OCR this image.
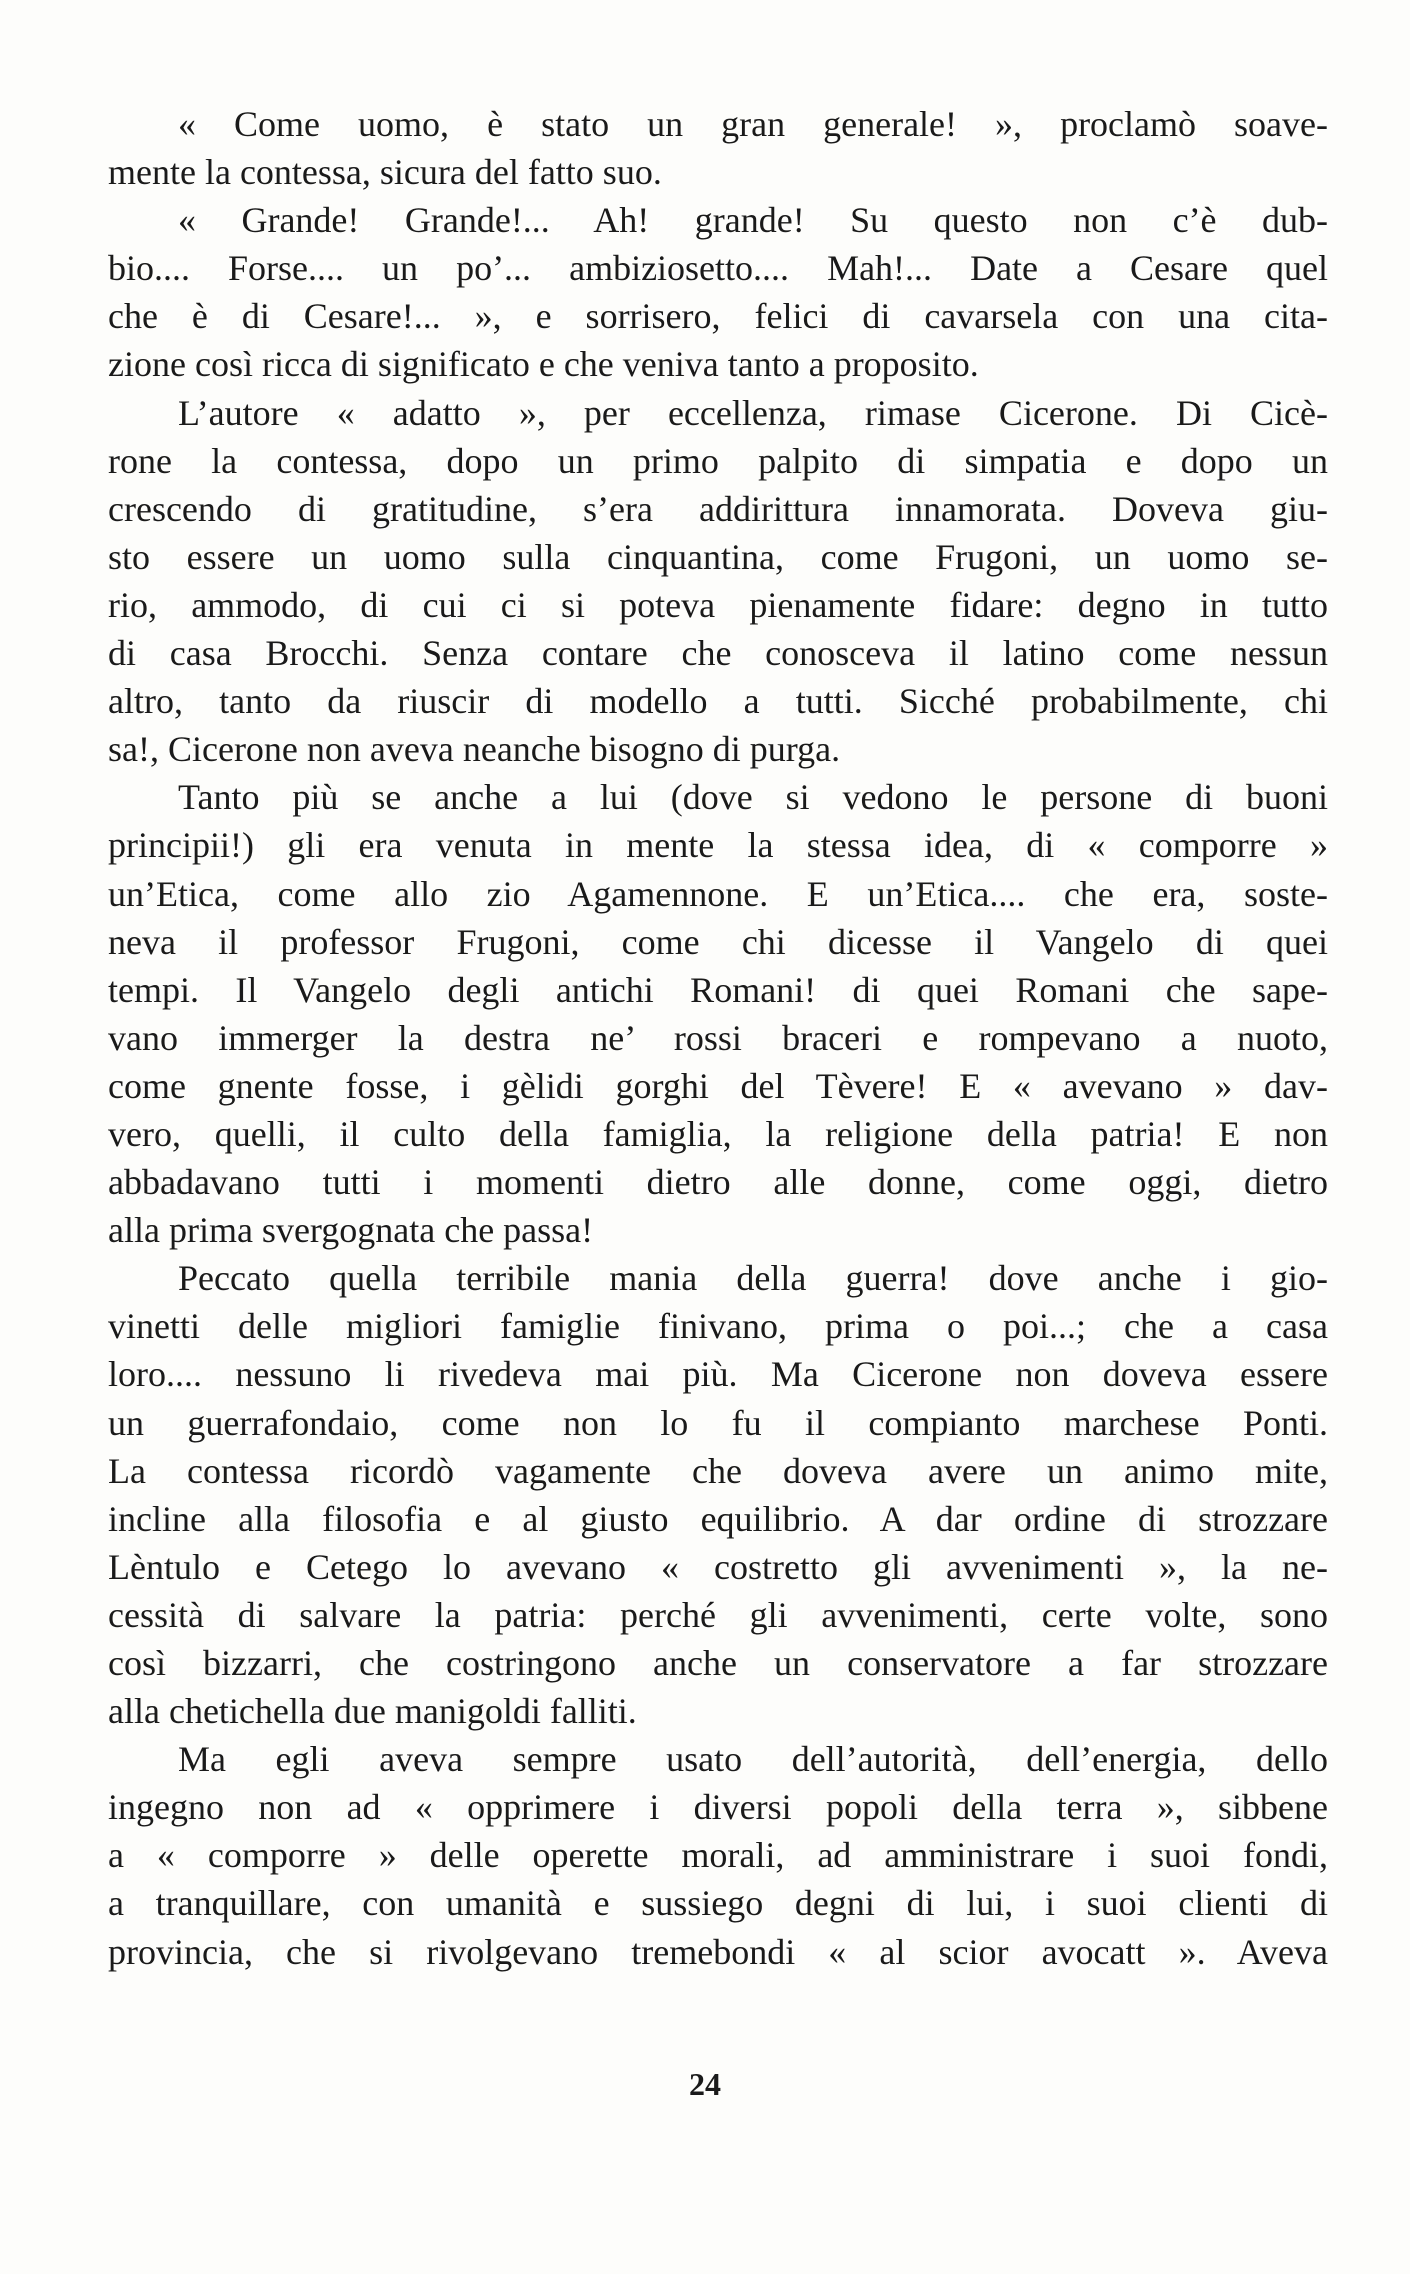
« Come uomo, è stato un gran generale! », proclamò soave-
mente la contessa, sicura del fatto suo.
« Grande! Grande!... Ah! grande! Su questo non c’è dub-
bio.... Forse.... un po’... ambiziosetto.... Mah!... Date a Cesare quel
che è di Cesare!... », e sorrisero, felici di cavarsela con una cita-
zione così ricca di significato e che veniva tanto a proposito.
L’autore « adatto », per eccellenza, rimase Cicerone. Di Cicè-
rone la contessa, dopo un primo palpito di simpatia e dopo un
crescendo di gratitudine, s’era addirittura innamorata. Doveva giu-
sto essere un uomo sulla cinquantina, come Frugoni, un uomo se-
rio, ammodo, di cui ci si poteva pienamente fidare: degno in tutto
di casa Brocchi. Senza contare che conosceva il latino come nessun
altro, tanto da riuscir di modello a tutti. Sicché probabilmente, chi
sa!, Cicerone non aveva neanche bisogno di purga.
Tanto più se anche a lui (dove si vedono le persone di buoni
principii!) gli era venuta in mente la stessa idea, di « comporre »
un’Etica, come allo zio Agamennone. E un’Etica.... che era, soste-
neva il professor Frugoni, come chi dicesse il Vangelo di quei
tempi. Il Vangelo degli antichi Romani! di quei Romani che sape-
vano immerger la destra ne’ rossi braceri e rompevano a nuoto,
come gnente fosse, i gèlidi gorghi del Tèvere! E « avevano » dav-
vero, quelli, il culto della famiglia, la religione della patria! E non
abbadavano tutti i momenti dietro alle donne, come oggi, dietro
alla prima svergognata che passa!
Peccato quella terribile mania della guerra! dove anche i gio-
vinetti delle migliori famiglie finivano, prima o poi...; che a casa
loro.... nessuno li rivedeva mai più. Ma Cicerone non doveva essere
un guerrafondaio, come non lo fu il compianto marchese Ponti.
La contessa ricordò vagamente che doveva avere un animo mite,
incline alla filosofia e al giusto equilibrio. A dar ordine di strozzare
Lèntulo e Cetego lo avevano « costretto gli avvenimenti », la ne-
cessità di salvare la patria: perché gli avvenimenti, certe volte, sono
così bizzarri, che costringono anche un conservatore a far strozzare
alla chetichella due manigoldi falliti.
Ma egli aveva sempre usato dell’autorità, dell’energia, dello
ingegno non ad « opprimere i diversi popoli della terra », sibbene
a « comporre » delle operette morali, ad amministrare i suoi fondi,
a tranquillare, con umanità e sussiego degni di lui, i suoi clienti di
provincia, che si rivolgevano tremebondi « al scior avocatt ». Aveva
24
